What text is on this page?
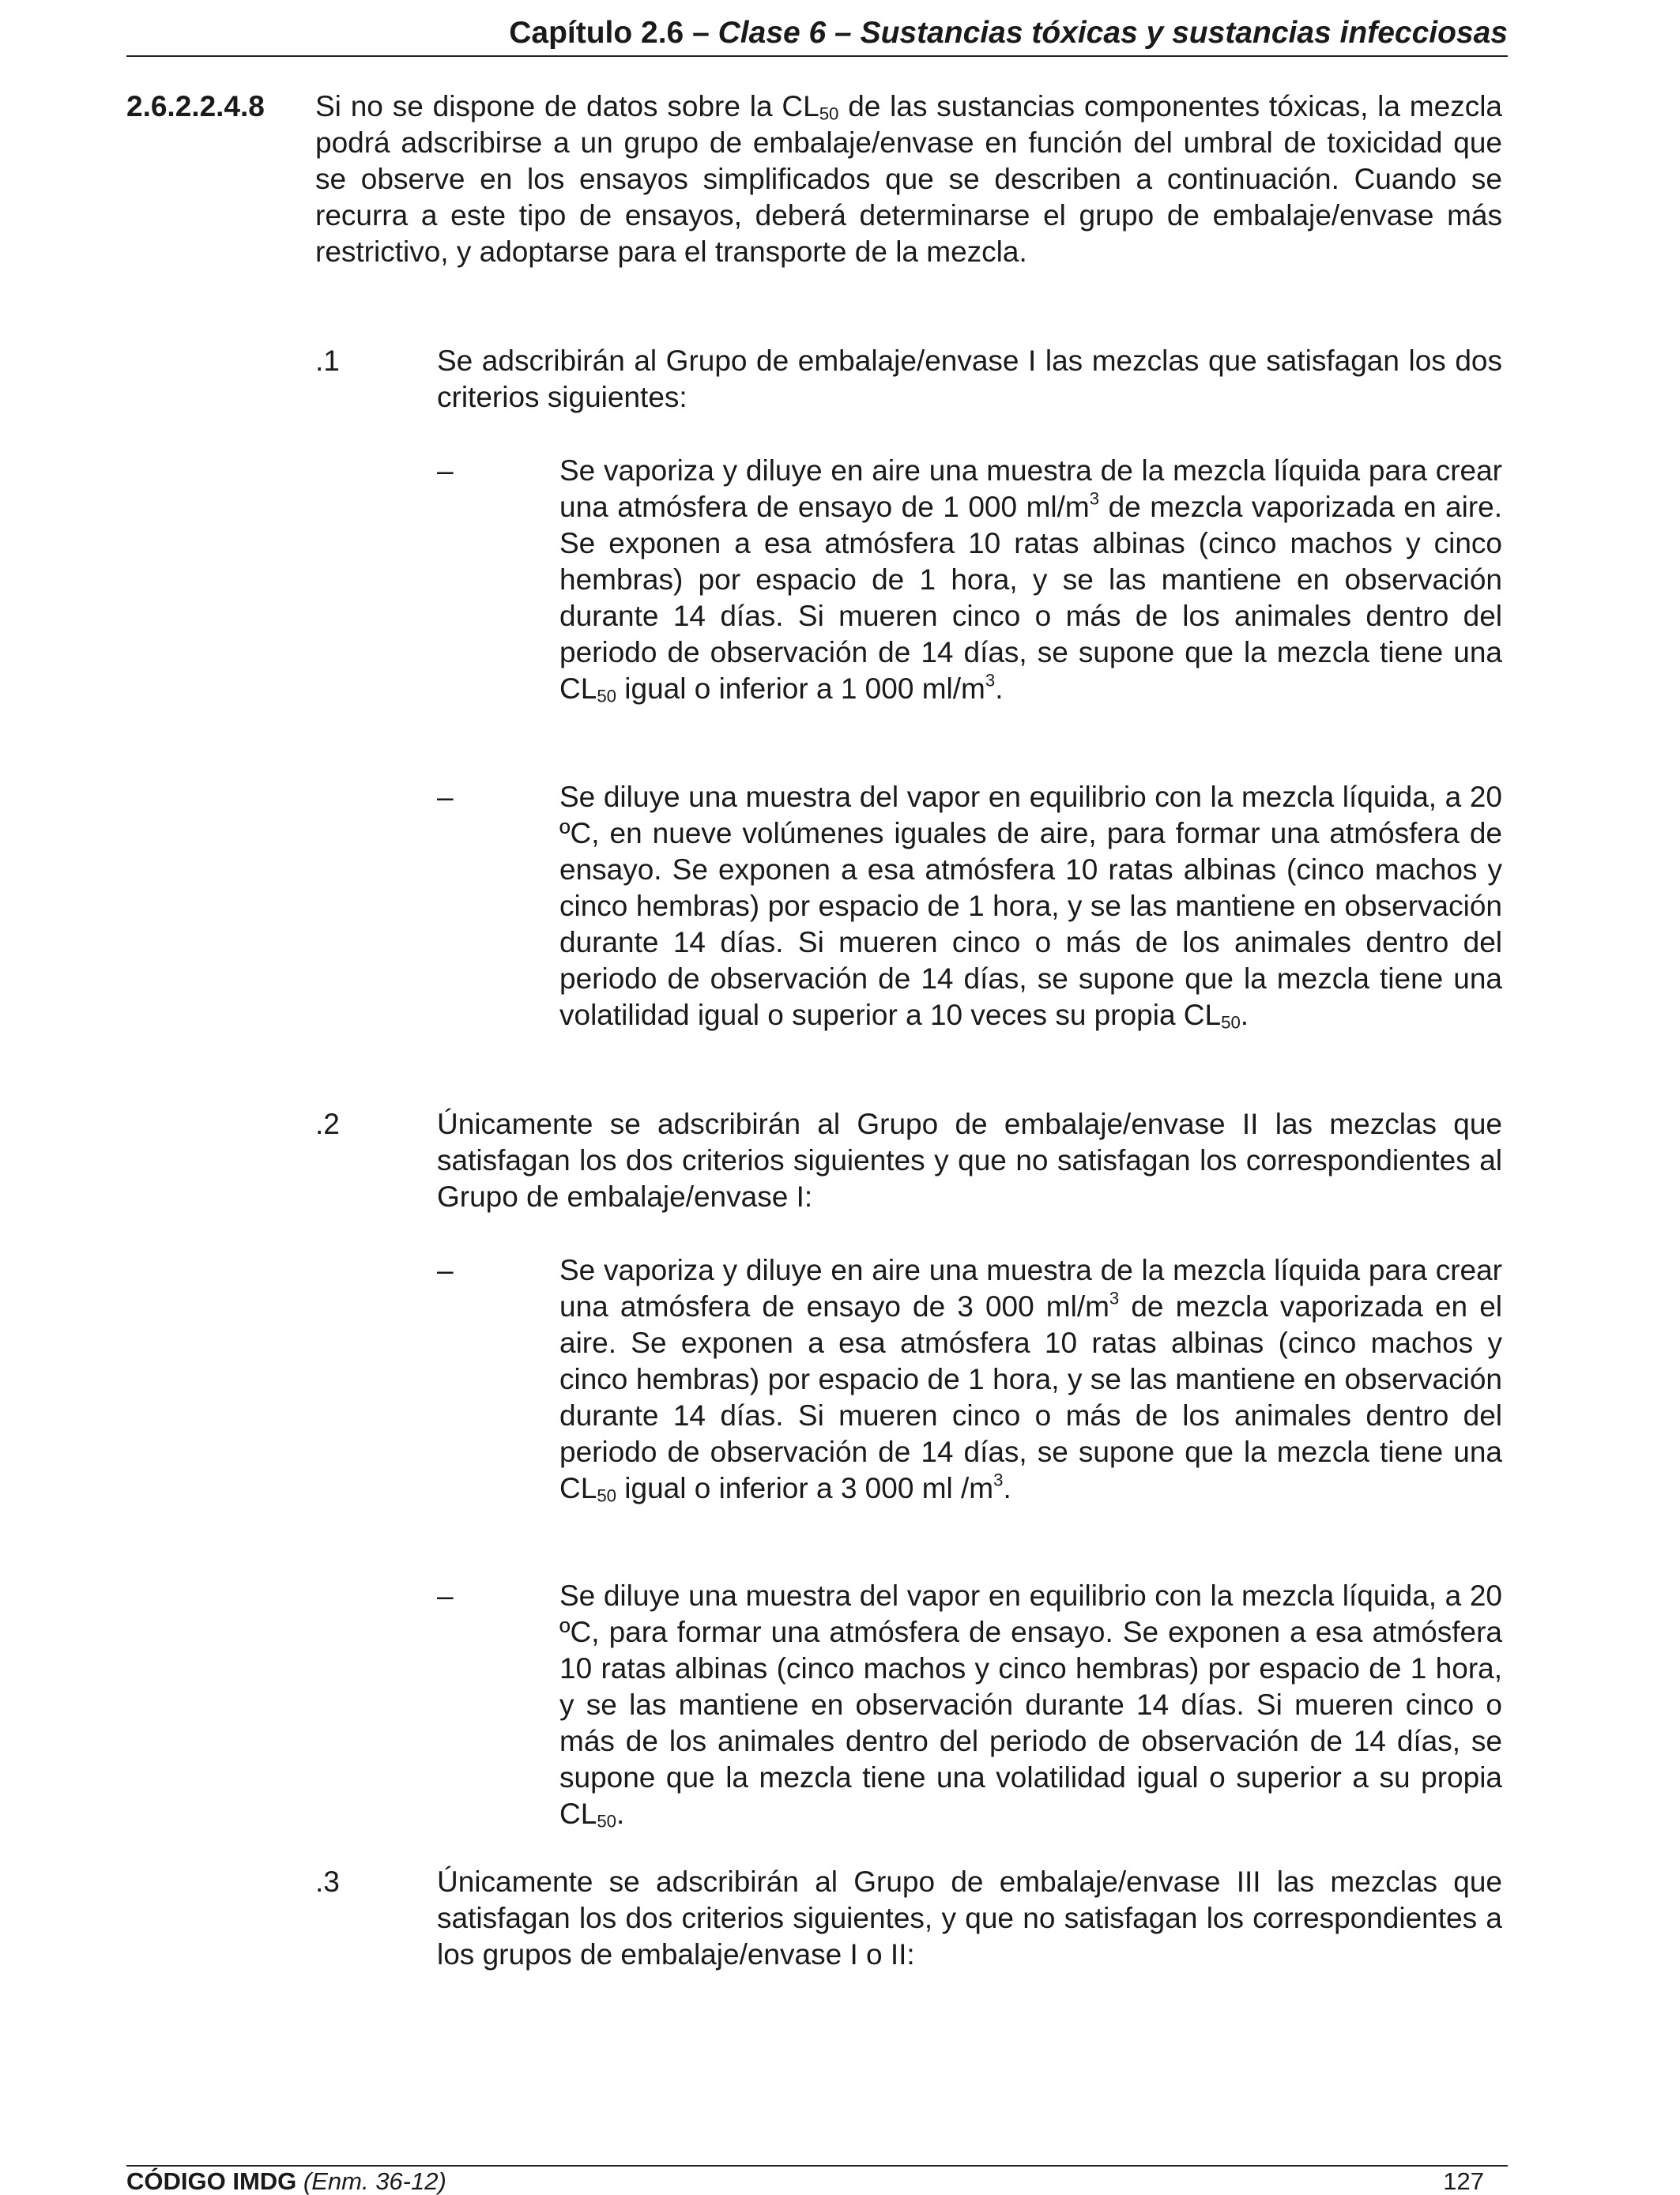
Capítulo 2.6 – Clase 6 – Sustancias tóxicas y sustancias infecciosas
2.6.2.2.4.8 Si no se dispone de datos sobre la $CL_{50}$ de las sustancias componentes tóxicas, la mezcla podrá adscribirse a un grupo de embalaje/envase en función del umbral de toxicidad que se observe en los ensayos simplificados que se describen a continuación. Cuando se recurra a este tipo de ensayos, deberá determinarse el grupo de embalaje/envase más restrictivo, y adoptarse para el transporte de la mezcla.
.1	Se adscribirán al Grupo de embalaje/envase I las mezclas que satisfagan los dos criterios siguientes:
–	Se vaporiza y diluye en aire una muestra de la mezcla líquida para crear una atmósfera de ensayo de 1 000 $ml/m^3$ de mezcla vaporizada en aire. Se exponen a esa atmósfera 10 ratas albinas (cinco machos y cinco hembras) por espacio de 1 hora, y se las mantiene en observación durante 14 días. Si mueren cinco o más de los animales dentro del periodo de observación de 14 días, se supone que la mezcla tiene una $CL_{50}$ igual o inferior a 1 000 $ml/m^3$.
–	Se diluye una muestra del vapor en equilibrio con la mezcla líquida, a 20 ºC, en nueve volúmenes iguales de aire, para formar una atmósfera de ensayo. Se exponen a esa atmósfera 10 ratas albinas (cinco machos y cinco hembras) por espacio de 1 hora, y se las mantiene en observación durante 14 días. Si mueren cinco o más de los animales dentro del periodo de observación de 14 días, se supone que la mezcla tiene una volatilidad igual o superior a 10 veces su propia $CL_{50}$.
.2	Únicamente se adscribirán al Grupo de embalaje/envase II las mezclas que satisfagan los dos criterios siguientes y que no satisfagan los correspondientes al Grupo de embalaje/envase I:
–	Se vaporiza y diluye en aire una muestra de la mezcla líquida para crear una atmósfera de ensayo de 3 000 $ml/m^3$ de mezcla vaporizada en el aire. Se exponen a esa atmósfera 10 ratas albinas (cinco machos y cinco hembras) por espacio de 1 hora, y se las mantiene en observación durante 14 días. Si mueren cinco o más de los animales dentro del periodo de observación de 14 días, se supone que la mezcla tiene una $CL_{50}$ igual o inferior a 3 000 ml $/m^3$.
–	Se diluye una muestra del vapor en equilibrio con la mezcla líquida, a 20 ºC, para formar una atmósfera de ensayo. Se exponen a esa atmósfera 10 ratas albinas (cinco machos y cinco hembras) por espacio de 1 hora, y se las mantiene en observación durante 14 días. Si mueren cinco o más de los animales dentro del periodo de observación de 14 días, se supone que la mezcla tiene una volatilidad igual o superior a su propia $CL_{50}$.
.3	Únicamente se adscribirán al Grupo de embalaje/envase III las mezclas que satisfagan los dos criterios siguientes, y que no satisfagan los correspondientes a los grupos de embalaje/envase I o II:
CÓDIGO IMDG (Enm. 36-12)	127
